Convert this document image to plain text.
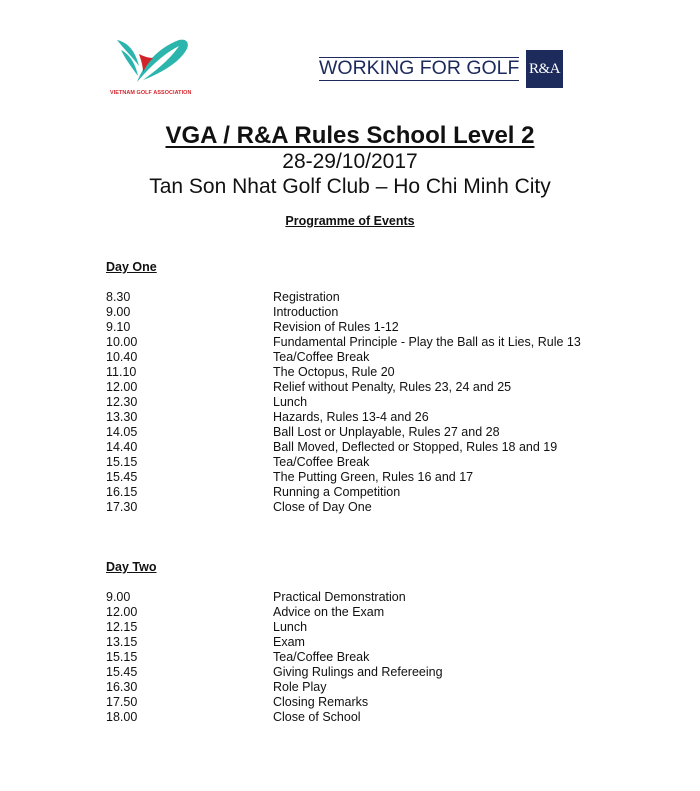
VIETNAM GOLF ASSOCIATION
WORKING FOR GOLF R&A
VGA / R&A Rules School Level 2
28-29/10/2017
Tan Son Nhat Golf Club – Ho Chi Minh City
Programme of Events
Day One
8.30	Registration
9.00	Introduction
9.10	Revision of Rules 1-12
10.00	Fundamental Principle - Play the Ball as it Lies, Rule 13
10.40	Tea/Coffee Break
11.10	The Octopus, Rule 20
12.00	Relief without Penalty, Rules 23, 24 and 25
12.30	Lunch
13.30	Hazards, Rules 13-4 and 26
14.05	Ball Lost or Unplayable, Rules 27 and 28
14.40	Ball Moved, Deflected or Stopped, Rules 18 and 19
15.15	Tea/Coffee Break
15.45	The Putting Green, Rules 16 and 17
16.15	Running a Competition
17.30	Close of Day One
Day Two
9.00	Practical Demonstration
12.00	Advice on the Exam
12.15	Lunch
13.15	Exam
15.15	Tea/Coffee Break
15.45	Giving Rulings and Refereeing
16.30	Role Play
17.50	Closing Remarks
18.00	Close of School
